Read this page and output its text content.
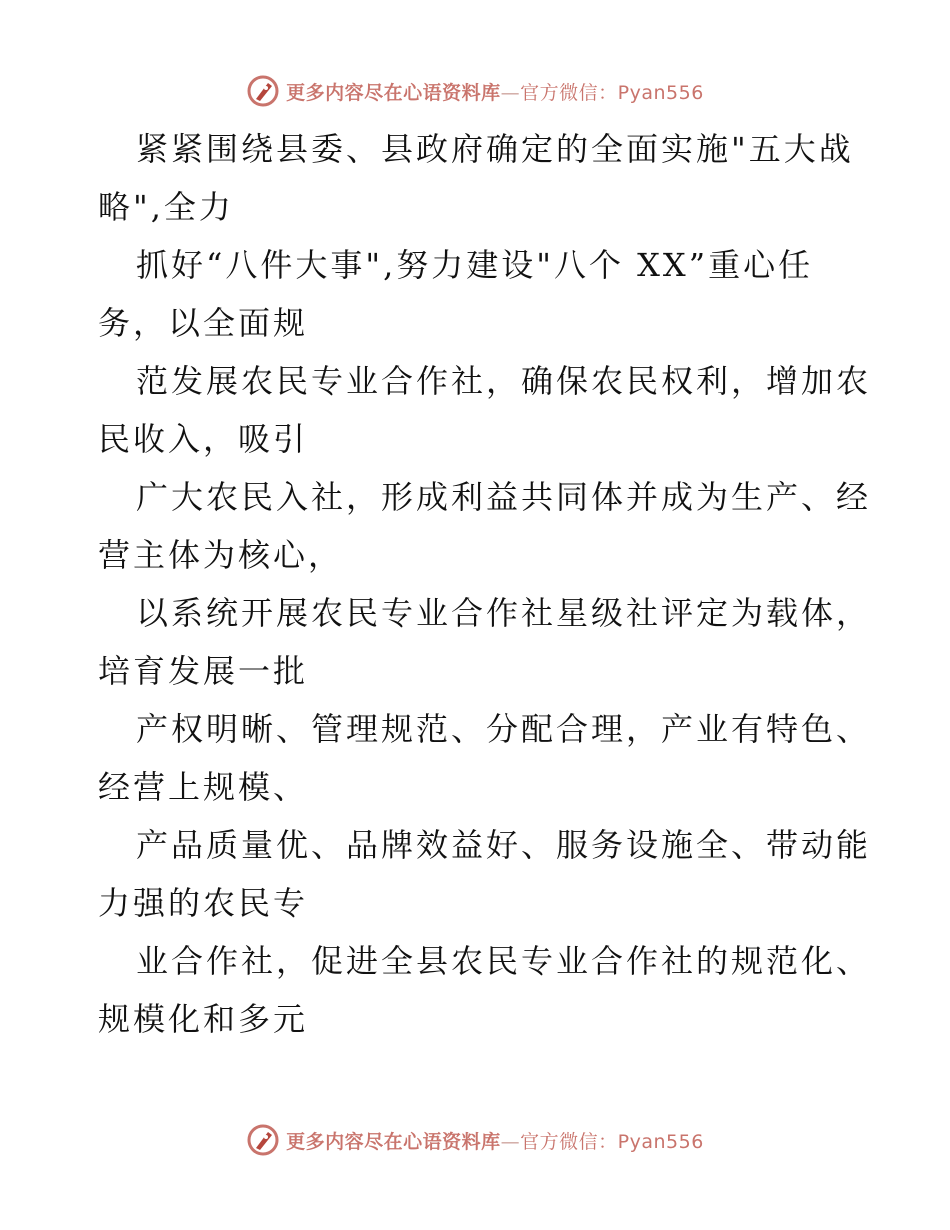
更多内容尽在心语资料库—官方微信：Pyan556

紧紧围绕县委、县政府确定的全面实施"五大战
略",全力

抓好“八件大事",努力建设"八个 XX”重心任
务，以全面规

范发展农民专业合作社，确保农民权利，增加农
民收入，吸引

广大农民入社，形成利益共同体并成为生产、经
营主体为核心，

以系统开展农民专业合作社星级社评定为载体，
培育发展一批

产权明晰、管理规范、分配合理，产业有特色、
经营上规模、

产品质量优、品牌效益好、服务设施全、带动能
力强的农民专

业合作社，促进全县农民专业合作社的规范化、
规模化和多元

更多内容尽在心语资料库—官方微信：Pyan556
